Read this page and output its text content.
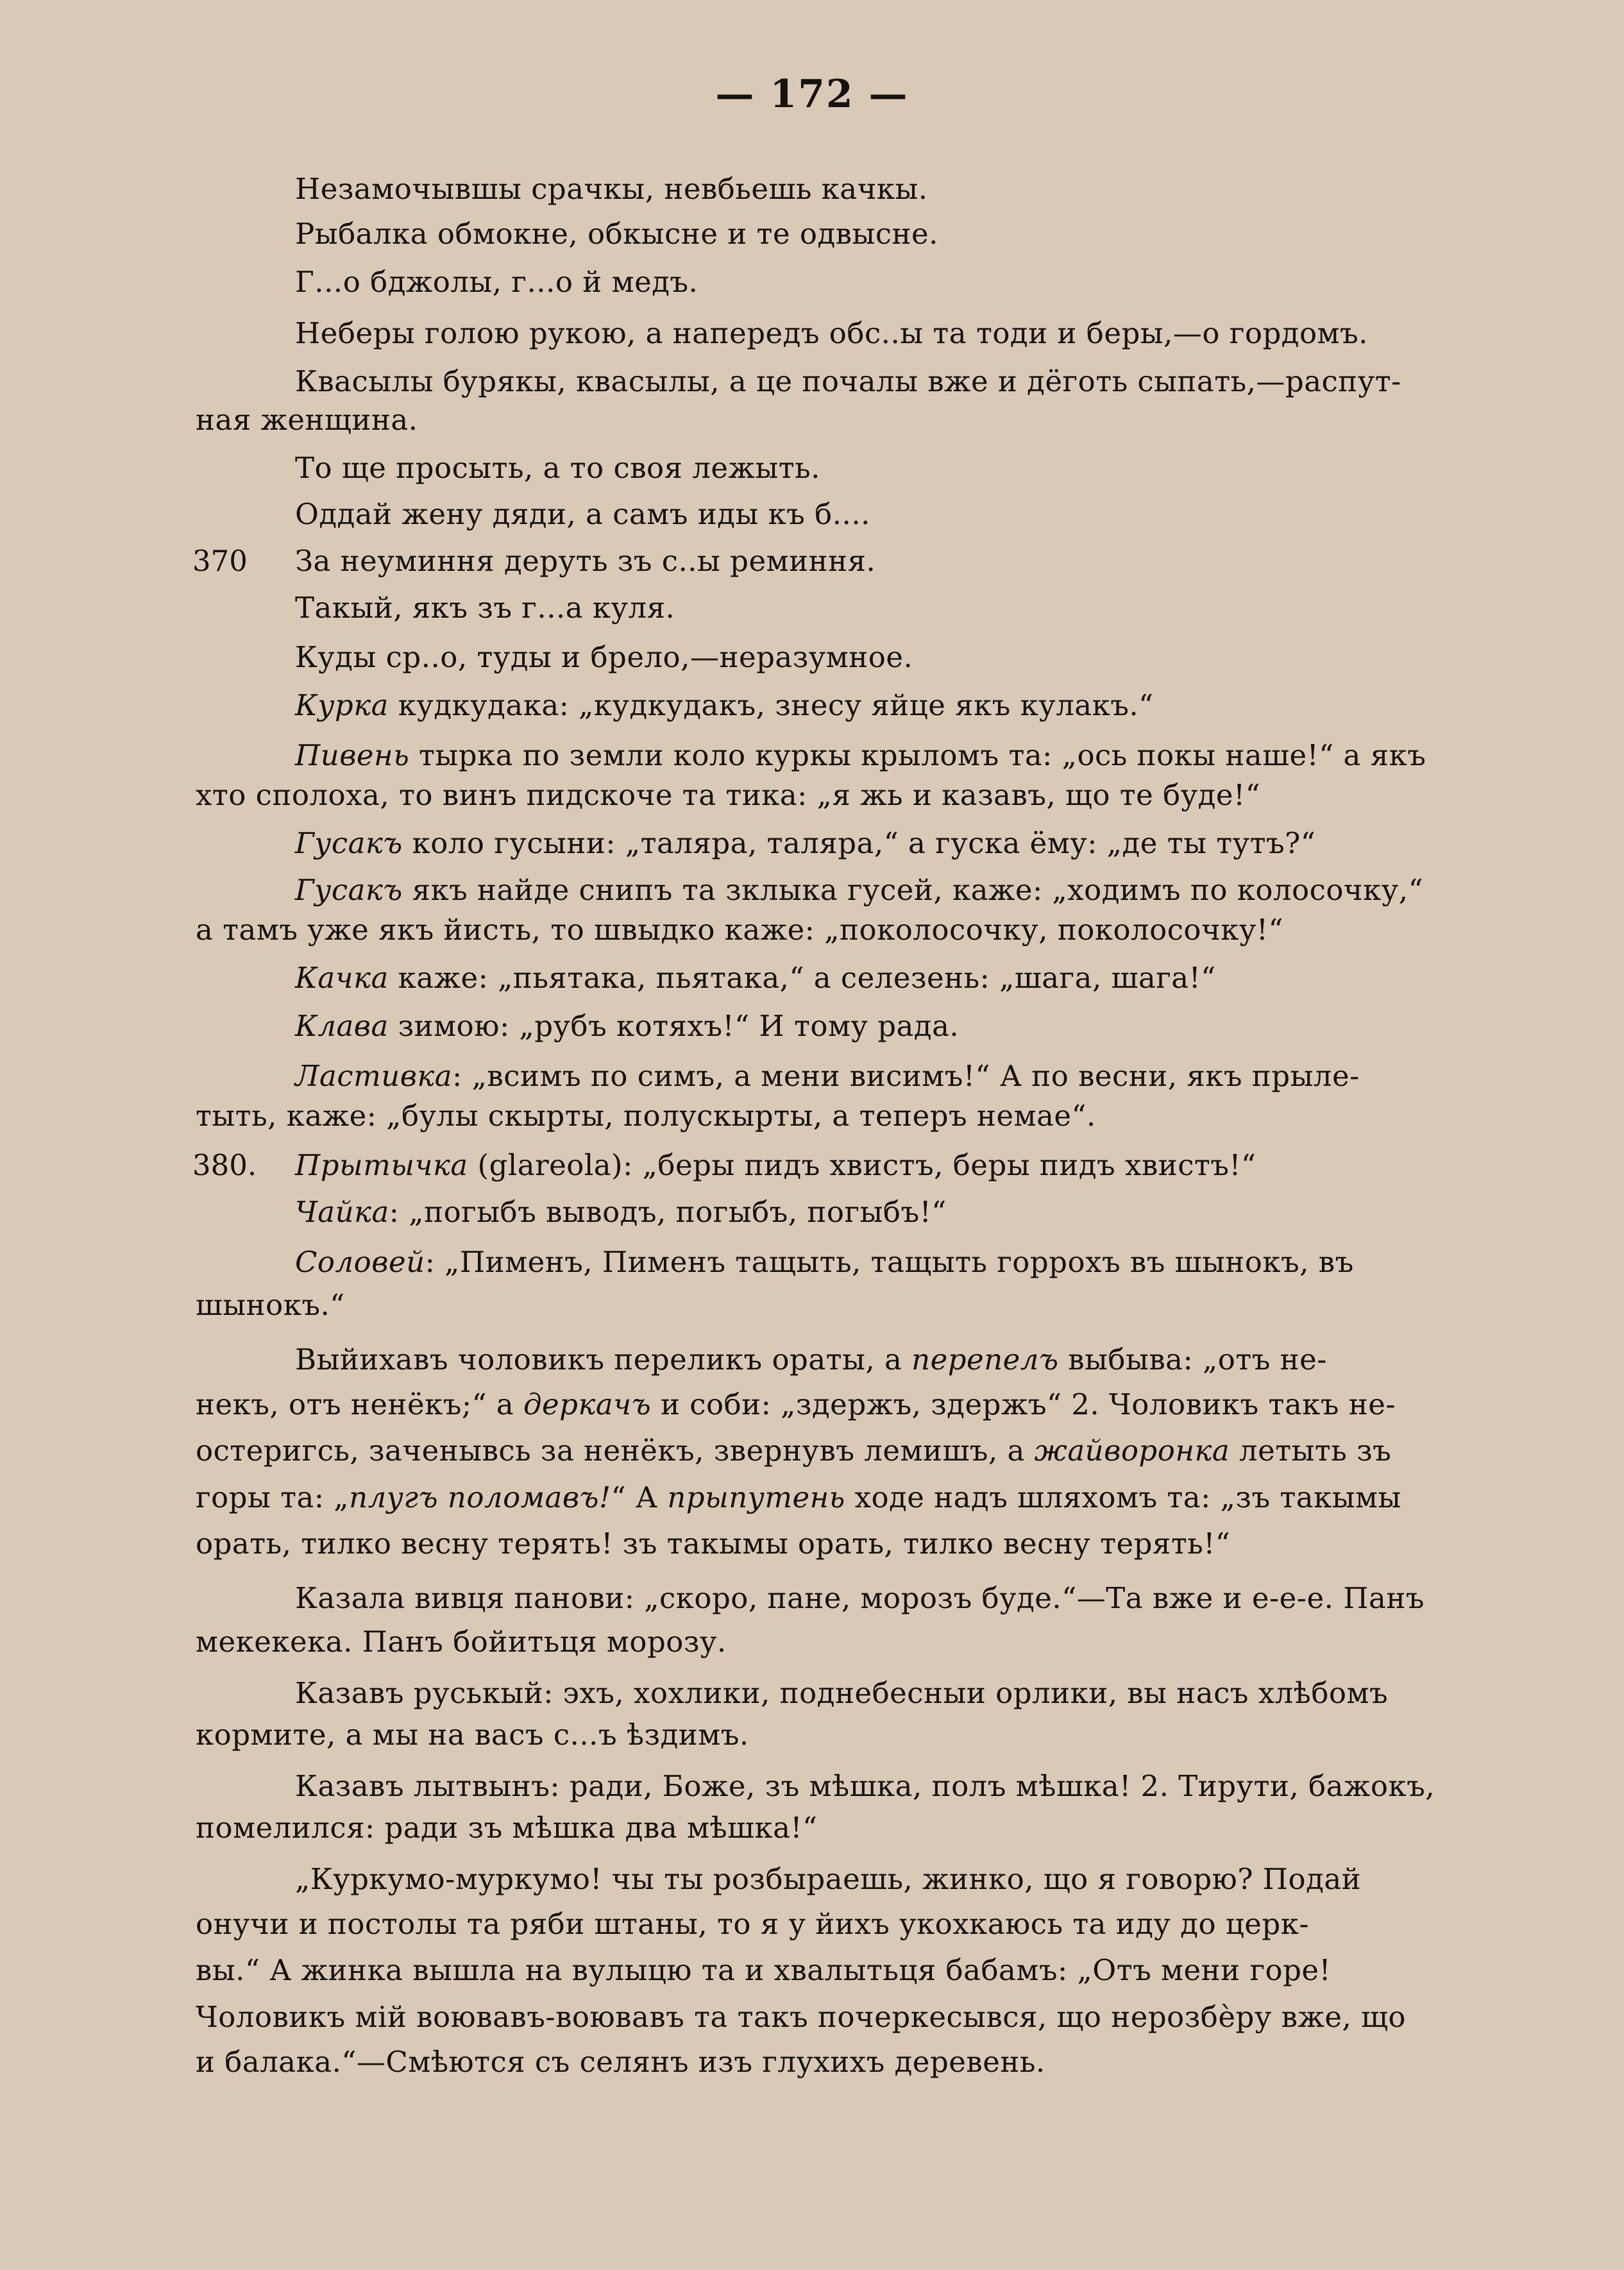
— 172 —
370
380.
Незамочывшы срачкы, невбьешь качкы.
Рыбалка обмокне, обкысне и те одвысне.
Г...о бджолы, г...о й медъ.
Неберы голою рукою, а напередъ обс..ы та тоди и беры,—о гордомъ.
Квасылы бурякы, квасылы, а це почалы вже и дёготь сыпать,—распут-
ная женщина.
То ще просыть, а то своя лежыть.
Оддай жену дяди, а самъ иды къ б....
За неуминня деруть зъ с..ы реминня.
Такый, якъ зъ г...а куля.
Куды ср..о, туды и брело,—неразумное.
Курка кудкудака: „кудкудакъ, знесу яйце якъ кулакъ.“
Пивень тырка по земли коло куркы крыломъ та: „ось покы наше!“ а якъ
хто сполоха, то винъ пидскоче та тика: „я жь и казавъ, що те буде!“
Гусакъ коло гусыни: „таляра, талярa,“ а гуска ёму: „де ты тутъ?“
Гусакъ якъ найде снипъ та зклыка гусей, каже: „ходимъ по колосочку,“
а тамъ уже якъ йисть, то швыдко каже: „поколосочку, поколосочку!“
Качка каже: „пьятака, пьятака,“ а селезень: „шага, шага!“
Клава зимою: „рубъ котяхъ!“ И тому рада.
Ластивка: „всимъ по симъ, а мени висимъ!“ А по весни, якъ прыле-
тыть, каже: „булы скырты, полускырты, а теперъ немае“.
Прытычка (glareola): „беры пидъ хвистъ, беры пидъ хвистъ!“
Чайка: „погыбъ выводъ, погыбъ, погыбъ!“
Соловей: „Пименъ, Пименъ тащыть, тащыть горрохъ въ шынокъ, въ
шынокъ.“
Выйихавъ чоловикъ переликъ ораты, а перепелъ выбыва: „отъ не-
некъ, отъ ненёкъ;“ а деркачъ и соби: „здержъ, здержъ“ 2. Чоловикъ такъ не-
остеригсь, заченывсь за ненёкъ, звернувъ лемишъ, а жайворонка летыть зъ
горы та: „плугъ поломавъ!“ А прыпутень ходе надъ шляхомъ та: „зъ такымы
орать, тилко весну терять! зъ такымы орать, тилко весну терять!“
Казала вивця панови: „скоро, пане, морозъ буде.“—Та вже и е-е-е. Панъ
мекекека. Панъ бойитьця морозу.
Казавъ руськый: эхъ, хохлики, поднебесныи орлики, вы насъ хлѣбомъ
кормите, а мы на васъ с...ъ ѣздимъ.
Казавъ лытвынъ: ради, Боже, зъ мѣшка, полъ мѣшка! 2. Тирути, бажокъ,
помелился: ради зъ мѣшка два мѣшка!“
„Куркумо-муркумо! чы ты розбыраешь, жинко, що я говорю? Подай
онучи и постолы та ряби штаны, то я у йихъ укохкаюсь та иду до церк-
вы.“ А жинка вышла на вулыцю та и хвалытьця бабамъ: „Отъ мени горе!
Чоловикъ мій воювавъ-воювавъ та такъ почеркесывся, що нерозбèру вже, що
и балака.“—Смѣются съ селянъ изъ глухихъ деревень.
